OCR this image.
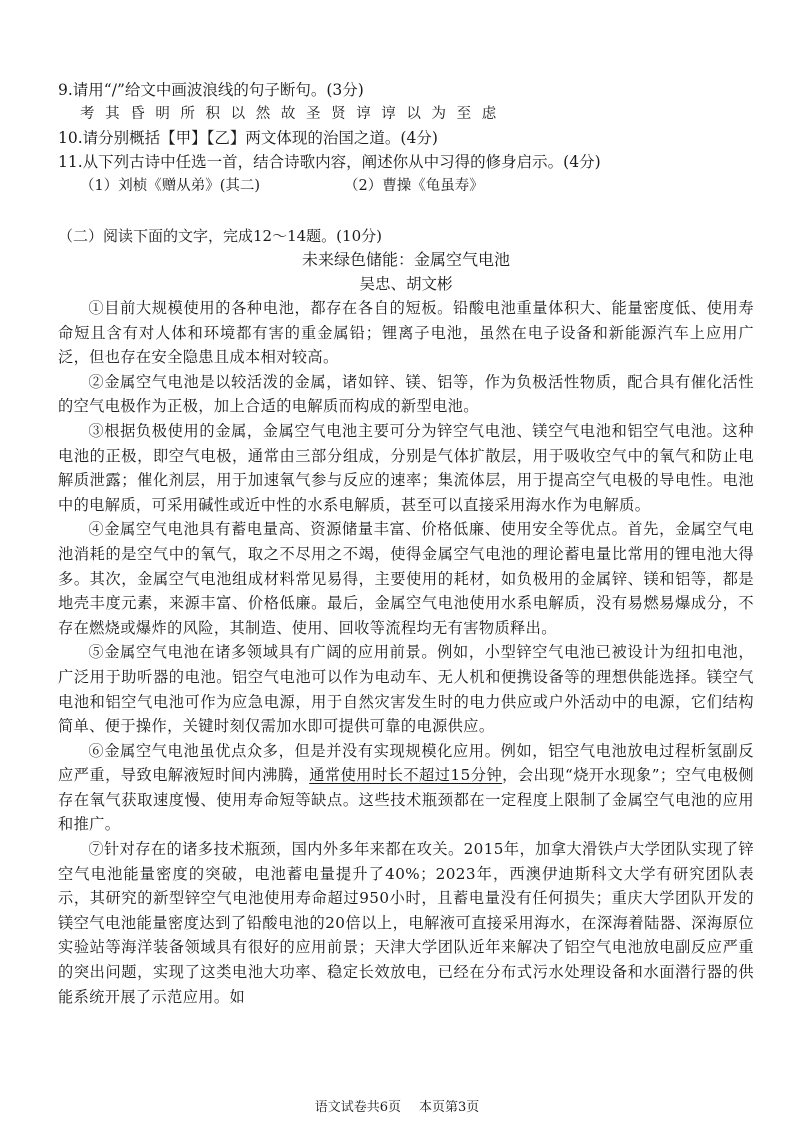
9.请用“/”给文中画波浪线的句子断句。(3分)

考 其 昏 明 所 积 以 然 故 圣 贤 谆 谆 以 为 至 虑

10.请分别概括【甲】【乙】两文体现的治国之道。(4分)

11.从下列古诗中任选一首，结合诗歌内容，阐述你从中习得的修身启示。(4分)

（1）刘桢《赠从弟》(其二)	（2）曹操《龟虽寿》

（二）阅读下面的文字，完成12～14题。(10分)

未来绿色储能：金属空气电池

吴忠、胡文彬

①目前大规模使用的各种电池，都存在各自的短板。铅酸电池重量体积大、能量密度低、使用寿命短且含有对人体和环境都有害的重金属铅；锂离子电池，虽然在电子设备和新能源汽车上应用广泛，但也存在安全隐患且成本相对较高。

②金属空气电池是以较活泼的金属，诸如锌、镁、铝等，作为负极活性物质，配合具有催化活性的空气电极作为正极，加上合适的电解质而构成的新型电池。

③根据负极使用的金属，金属空气电池主要可分为锌空气电池、镁空气电池和铝空气电池。这种电池的正极，即空气电极，通常由三部分组成，分别是气体扩散层，用于吸收空气中的氧气和防止电解质泄露；催化剂层，用于加速氧气参与反应的速率；集流体层，用于提高空气电极的导电性。电池中的电解质，可采用碱性或近中性的水系电解质，甚至可以直接采用海水作为电解质。

④金属空气电池具有蓄电量高、资源储量丰富、价格低廉、使用安全等优点。首先，金属空气电池消耗的是空气中的氧气，取之不尽用之不竭，使得金属空气电池的理论蓄电量比常用的锂电池大得多。其次，金属空气电池组成材料常见易得，主要使用的耗材，如负极用的金属锌、镁和铝等，都是地壳丰度元素，来源丰富、价格低廉。最后，金属空气电池使用水系电解质，没有易燃易爆成分，不存在燃烧或爆炸的风险，其制造、使用、回收等流程均无有害物质释出。

⑤金属空气电池在诸多领域具有广阔的应用前景。例如，小型锌空气电池已被设计为纽扣电池，广泛用于助听器的电池。铝空气电池可以作为电动车、无人机和便携设备等的理想供能选择。镁空气电池和铝空气电池可作为应急电源，用于自然灾害发生时的电力供应或户外活动中的电源，它们结构简单、便于操作，关键时刻仅需加水即可提供可靠的电源供应。

⑥金属空气电池虽优点众多，但是并没有实现规模化应用。例如，铝空气电池放电过程析氢副反应严重，导致电解液短时间内沸腾，通常使用时长不超过15分钟，会出现“烧开水现象”；空气电极侧存在氧气获取速度慢、使用寿命短等缺点。这些技术瓶颈都在一定程度上限制了金属空气电池的应用和推广。

⑦针对存在的诸多技术瓶颈，国内外多年来都在攻关。2015年，加拿大滑铁卢大学团队实现了锌空气电池能量密度的突破，电池蓄电量提升了40%；2023年，西澳伊迪斯科文大学有研究团队表示，其研究的新型锌空气电池使用寿命超过950小时，且蓄电量没有任何损失；重庆大学团队开发的镁空气电池能量密度达到了铅酸电池的20倍以上，电解液可直接采用海水，在深海着陆器、深海原位实验站等海洋装备领域具有很好的应用前景；天津大学团队近年来解决了铝空气电池放电副反应严重的突出问题，实现了这类电池大功率、稳定长效放电，已经在分布式污水处理设备和水面潜行器的供能系统开展了示范应用。如

语文试卷共6页 本页第3页
